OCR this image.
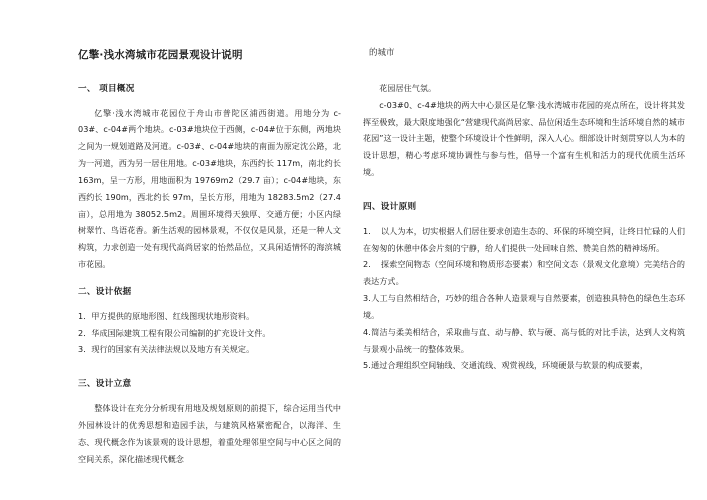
亿擎·浅水湾城市花园景观设计说明
一、 项目概况

亿擎·浅水湾城市花园位于舟山市普陀区浦西街道。用地分为 c-03#、c-04#两个地块。c-03#地块位于西侧，c-04#位于东侧，两地块之间为一规划道路及河道。c-03#、c-04#地块的南面为原定沈公路，北为一河道，西为另一居住用地。c-03#地块，东西约长 117m，南北约长 163m，呈一方形，用地面积为 19769m2（29.7 亩）；c-04#地块，东西约长 190m，西北约长 97m，呈长方形，用地为 18283.5m2（27.4 亩），总用地为 38052.5m2。周围环境得天独厚、交通方便；小区内绿树翠竹、鸟语花香。新生活观的园林景观，不仅仅是风景，还是一种人文构筑，力求创造一处有现代高尚居家的怡然品位，又具闲适情怀的海滨城市花园。

二、设计依据
1．甲方提供的原地形图、红线图现状地形资料。
2．华成国际建筑工程有限公司编制的扩充设计文件。
3．现行的国家有关法律法规以及地方有关规定。
三、设计立意

整体设计在充分分析现有用地及规划原则的前提下，综合运用当代中外园林设计的优秀思想和造园手法，与建筑风格紧密配合，以海洋、生态、现代概念作为该景观的设计思想，着重处理邻里空间与中心区之间的空间关系，深化描述现代概念

的城市

花园居住气氛。

c-03#0、c-4#地块的两大中心景区是亿擎·浅水湾城市花园的亮点所在，设计将其发挥至极致，最大限度地强化“营建现代高尚居家、品位闲适生态环境和生活环境自然的城市花园”这一设计主题，使整个环境设计个性鲜明，深入人心。细部设计时刻贯穿以人为本的设计思想，精心考虑环境协调性与参与性，倡导一个富有生机和活力的现代优质生活环境。

四、设计原则
1. 以人为本，切实根据人们居住要求创造生态的、环保的环境空间，让终日忙碌的人们在匆匆的休憩中体会片刻的宁静，给人们提供一处回味自然、赞美自然的精神场所。
2. 探索空间物态（空间环境和物质形态要素）和空间文态（景观文化意境）完美结合的表达方式。
3.人工与自然相结合，巧妙的组合各种人造景观与自然要素，创造独具特色的绿色生态环境。
4.简洁与柔美相结合，采取曲与直、动与静、软与硬、高与低的对比手法，达到人文构筑与景观小品统一的整体效果。
5.通过合理组织空间轴线、交通流线、观赏视线，环境硬景与软景的构成要素，
